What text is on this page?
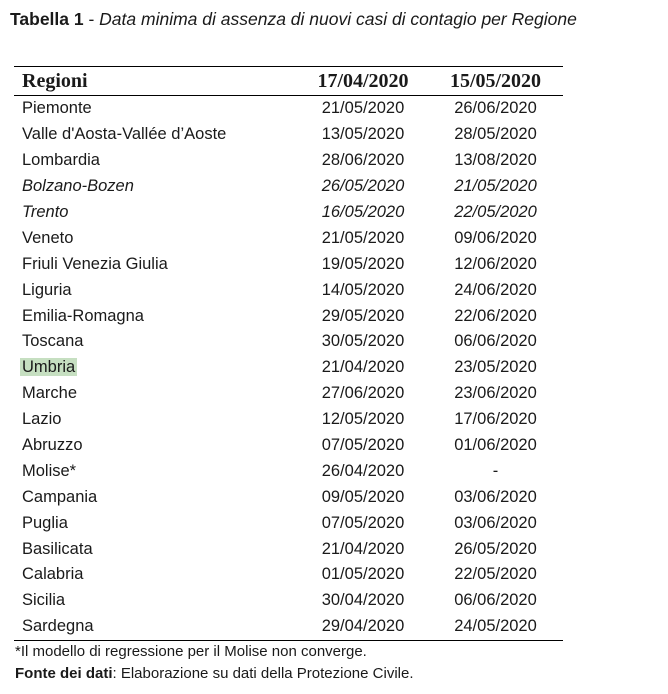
Tabella 1 - Data minima di assenza di nuovi casi di contagio per Regione
Regioni	17/04/2020	15/05/2020
Piemonte	21/05/2020	26/06/2020
Valle d'Aosta-Vallée d’Aoste	13/05/2020	28/05/2020
Lombardia	28/06/2020	13/08/2020
Bolzano-Bozen	26/05/2020	21/05/2020
Trento	16/05/2020	22/05/2020
Veneto	21/05/2020	09/06/2020
Friuli Venezia Giulia	19/05/2020	12/06/2020
Liguria	14/05/2020	24/06/2020
Emilia-Romagna	29/05/2020	22/06/2020
Toscana	30/05/2020	06/06/2020
Umbria	21/04/2020	23/05/2020
Marche	27/06/2020	23/06/2020
Lazio	12/05/2020	17/06/2020
Abruzzo	07/05/2020	01/06/2020
Molise*	26/04/2020	-
Campania	09/05/2020	03/06/2020
Puglia	07/05/2020	03/06/2020
Basilicata	21/04/2020	26/05/2020
Calabria	01/05/2020	22/05/2020
Sicilia	30/04/2020	06/06/2020
Sardegna	29/04/2020	24/05/2020
*Il modello di regressione per il Molise non converge.
Fonte dei dati: Elaborazione su dati della Protezione Civile.
